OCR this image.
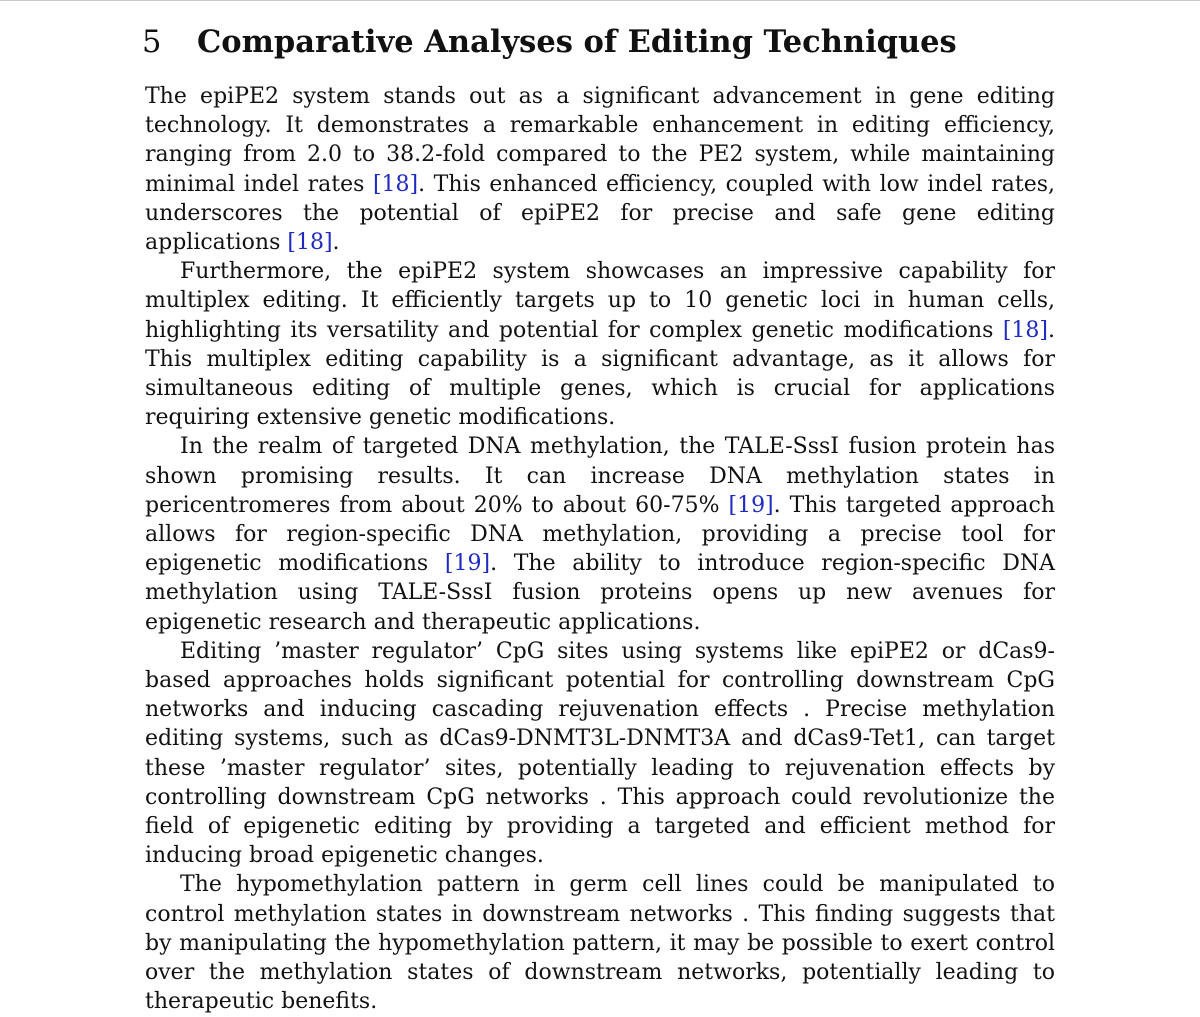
5 Comparative Analyses of Editing Techniques

The epiPE2 system stands out as a significant advancement in gene editing technology. It demonstrates a remarkable enhancement in editing efficiency, ranging from 2.0 to 38.2-fold compared to the PE2 system, while maintaining minimal indel rates [18]. This enhanced efficiency, coupled with low indel rates, underscores the potential of epiPE2 for precise and safe gene editing applications [18].

Furthermore, the epiPE2 system showcases an impressive capability for multiplex editing. It efficiently targets up to 10 genetic loci in human cells, highlighting its versatility and potential for complex genetic modifications [18]. This multiplex editing capability is a significant advantage, as it allows for simultaneous editing of multiple genes, which is crucial for applications requiring extensive genetic modifications.

In the realm of targeted DNA methylation, the TALE-SssI fusion protein has shown promising results. It can increase DNA methylation states in pericentromeres from about 20% to about 60-75% [19]. This targeted approach allows for region-specific DNA methylation, providing a precise tool for epigenetic modifications [19]. The ability to introduce region-specific DNA methylation using TALE-SssI fusion proteins opens up new avenues for epigenetic research and therapeutic applications.

Editing ’master regulator’ CpG sites using systems like epiPE2 or dCas9-based approaches holds significant potential for controlling downstream CpG networks and inducing cascading rejuvenation effects . Precise methylation editing systems, such as dCas9-DNMT3L-DNMT3A and dCas9-Tet1, can target these ’master regulator’ sites, potentially leading to rejuvenation effects by controlling downstream CpG networks . This approach could revolutionize the field of epigenetic editing by providing a targeted and efficient method for inducing broad epigenetic changes.

The hypomethylation pattern in germ cell lines could be manipulated to control methylation states in downstream networks . This finding suggests that by manipulating the hypomethylation pattern, it may be possible to exert control over the methylation states of downstream networks, potentially leading to therapeutic benefits.
